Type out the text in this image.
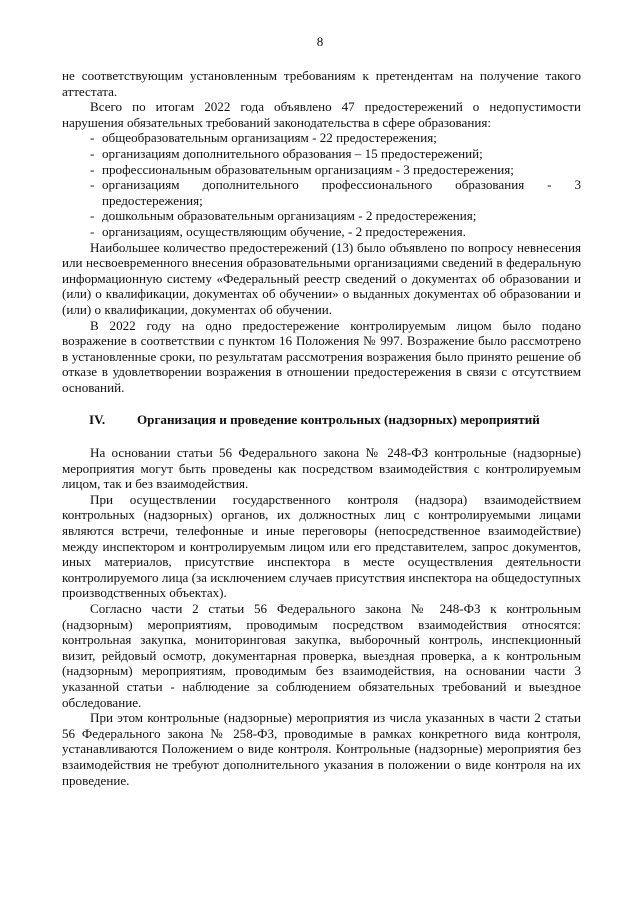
8

не соответствующим установленным требованиям к претендентам на получение такого аттестата.

Всего по итогам 2022 года объявлено 47 предостережений о недопустимости нарушения обязательных требований законодательства в сфере образования:

- общеобразовательным организациям - 22 предостережения;
- организациям дополнительного образования – 15 предостережений;
- профессиональным образовательным организациям - 3 предостережения;
- организациям дополнительного профессионального образования - 3 предостережения;
- дошкольным образовательным организациям - 2 предостережения;
- организациям, осуществляющим обучение, - 2 предостережения.

Наибольшее количество предостережений (13) было объявлено по вопросу невнесения или несвоевременного внесения образовательными организациями сведений в федеральную информационную систему «Федеральный реестр сведений о документах об образовании и (или) о квалификации, документах об обучении» о выданных документах об образовании и (или) о квалификации, документах об обучении.

В 2022 году на одно предостережение контролируемым лицом было подано возражение в соответствии с пунктом 16 Положения № 997. Возражение было рассмотрено в установленные сроки, по результатам рассмотрения возражения было принято решение об отказе в удовлетворении возражения в отношении предостережения в связи с отсутствием оснований.

IV.	Организация и проведение контрольных (надзорных) мероприятий

На основании статьи 56 Федерального закона № 248-ФЗ контрольные (надзорные) мероприятия могут быть проведены как посредством взаимодействия с контролируемым лицом, так и без взаимодействия.

При осуществлении государственного контроля (надзора) взаимодействием контрольных (надзорных) органов, их должностных лиц с контролируемыми лицами являются встречи, телефонные и иные переговоры (непосредственное взаимодействие) между инспектором и контролируемым лицом или его представителем, запрос документов, иных материалов, присутствие инспектора в месте осуществления деятельности контролируемого лица (за исключением случаев присутствия инспектора на общедоступных производственных объектах).

Согласно части 2 статьи 56 Федерального закона № 248-ФЗ к контрольным (надзорным) мероприятиям, проводимым посредством взаимодействия относятся: контрольная закупка, мониторинговая закупка, выборочный контроль, инспекционный визит, рейдовый осмотр, документарная проверка, выездная проверка, а к контрольным (надзорным) мероприятиям, проводимым без взаимодействия, на основании части 3 указанной статьи - наблюдение за соблюдением обязательных требований и выездное обследование.

При этом контрольные (надзорные) мероприятия из числа указанных в части 2 статьи 56 Федерального закона № 258-ФЗ, проводимые в рамках конкретного вида контроля, устанавливаются Положением о виде контроля. Контрольные (надзорные) мероприятия без взаимодействия не требуют дополнительного указания в положении о виде контроля на их проведение.
